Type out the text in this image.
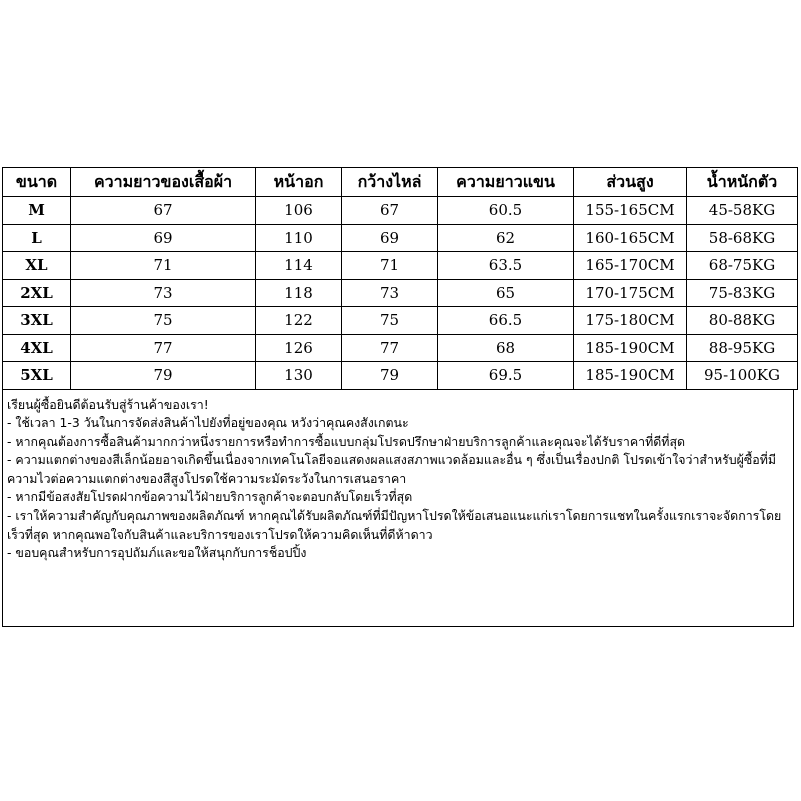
ขนาด	ความยาวของเสื้อผ้า	หน้าอก	กว้างไหล่	ความยาวแขน	ส่วนสูง	น้ำหนักตัว
M	67	106	67	60.5	155-165CM	45-58KG
L	69	110	69	62	160-165CM	58-68KG
XL	71	114	71	63.5	165-170CM	68-75KG
2XL	73	118	73	65	170-175CM	75-83KG
3XL	75	122	75	66.5	175-180CM	80-88KG
4XL	77	126	77	68	185-190CM	88-95KG
5XL	79	130	79	69.5	185-190CM	95-100KG

เรียนผู้ซื้อยินดีต้อนรับสู่ร้านค้าของเรา!

- ใช้เวลา 1-3 วันในการจัดส่งสินค้าไปยังที่อยู่ของคุณ หวังว่าคุณคงสังเกตนะ

- หากคุณต้องการซื้อสินค้ามากกว่าหนึ่งรายการหรือทำการซื้อแบบกลุ่มโปรดปรึกษาฝ่ายบริการลูกค้าและคุณจะได้รับราคาที่ดีที่สุด

- ความแตกต่างของสีเล็กน้อยอาจเกิดขึ้นเนื่องจากเทคโนโลยีจอแสดงผลแสงสภาพแวดล้อมและอื่น ๆ ซึ่งเป็นเรื่องปกติ โปรดเข้าใจว่าสำหรับผู้ซื้อที่มีความไวต่อความแตกต่างของสีสูงโปรดใช้ความระมัดระวังในการเสนอราคา

- หากมีข้อสงสัยโปรดฝากข้อความไว้ฝ่ายบริการลูกค้าจะตอบกลับโดยเร็วที่สุด

- เราให้ความสำคัญกับคุณภาพของผลิตภัณฑ์ หากคุณได้รับผลิตภัณฑ์ที่มีปัญหาโปรดให้ข้อเสนอแนะแก่เราโดยการแชทในครั้งแรกเราจะจัดการโดยเร็วที่สุด หากคุณพอใจกับสินค้าและบริการของเราโปรดให้ความคิดเห็นที่ดีห้าดาว

- ขอบคุณสำหรับการอุปถัมภ์และขอให้สนุกกับการช็อปปิ้ง
